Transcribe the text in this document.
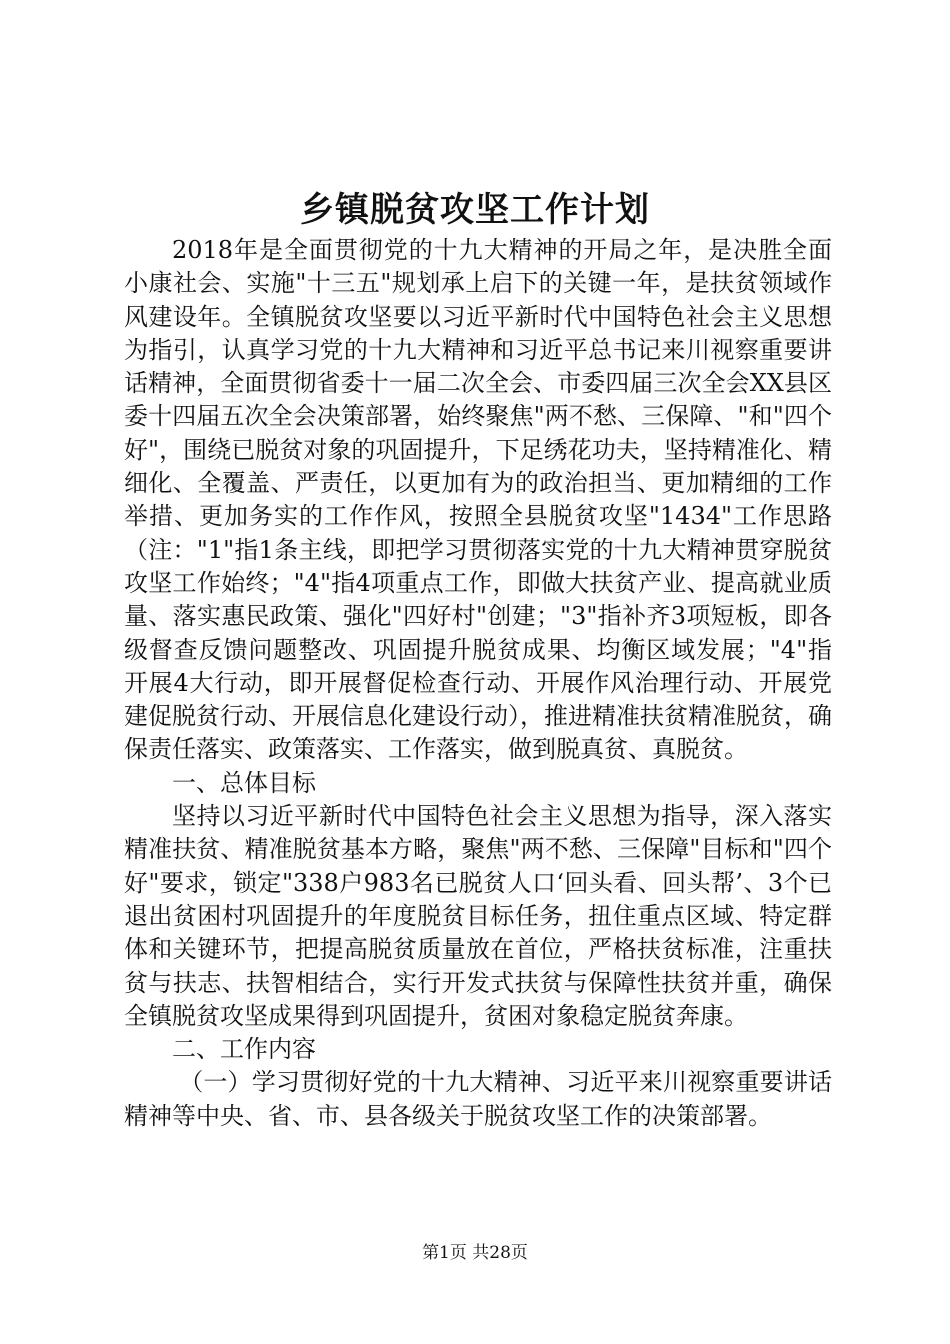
乡镇脱贫攻坚工作计划

2018年是全面贯彻党的十九大精神的开局之年，是决胜全面小康社会、实施"十三五"规划承上启下的关键一年，是扶贫领域作风建设年。全镇脱贫攻坚要以习近平新时代中国特色社会主义思想为指引，认真学习党的十九大精神和习近平总书记来川视察重要讲话精神，全面贯彻省委十一届二次全会、市委四届三次全会XX县区委十四届五次全会决策部署，始终聚焦"两不愁、三保障、"和"四个好"，围绕已脱贫对象的巩固提升，下足绣花功夫，坚持精准化、精细化、全覆盖、严责任，以更加有为的政治担当、更加精细的工作举措、更加务实的工作作风，按照全县脱贫攻坚"1434"工作思路（注："1"指1条主线，即把学习贯彻落实党的十九大精神贯穿脱贫攻坚工作始终；"4"指4项重点工作，即做大扶贫产业、提高就业质量、落实惠民政策、强化"四好村"创建；"3"指补齐3项短板，即各级督查反馈问题整改、巩固提升脱贫成果、均衡区域发展；"4"指开展4大行动，即开展督促检查行动、开展作风治理行动、开展党建促脱贫行动、开展信息化建设行动），推进精准扶贫精准脱贫，确保责任落实、政策落实、工作落实，做到脱真贫、真脱贫。

一、总体目标

坚持以习近平新时代中国特色社会主义思想为指导，深入落实精准扶贫、精准脱贫基本方略，聚焦"两不愁、三保障"目标和"四个好"要求，锁定"338户983名已脱贫人口‘回头看、回头帮’、3个已退出贫困村巩固提升的年度脱贫目标任务，扭住重点区域、特定群体和关键环节，把提高脱贫质量放在首位，严格扶贫标准，注重扶贫与扶志、扶智相结合，实行开发式扶贫与保障性扶贫并重，确保全镇脱贫攻坚成果得到巩固提升，贫困对象稳定脱贫奔康。

二、工作内容

（一）学习贯彻好党的十九大精神、习近平来川视察重要讲话精神等中央、省、市、县各级关于脱贫攻坚工作的决策部署。

第1页 共28页
